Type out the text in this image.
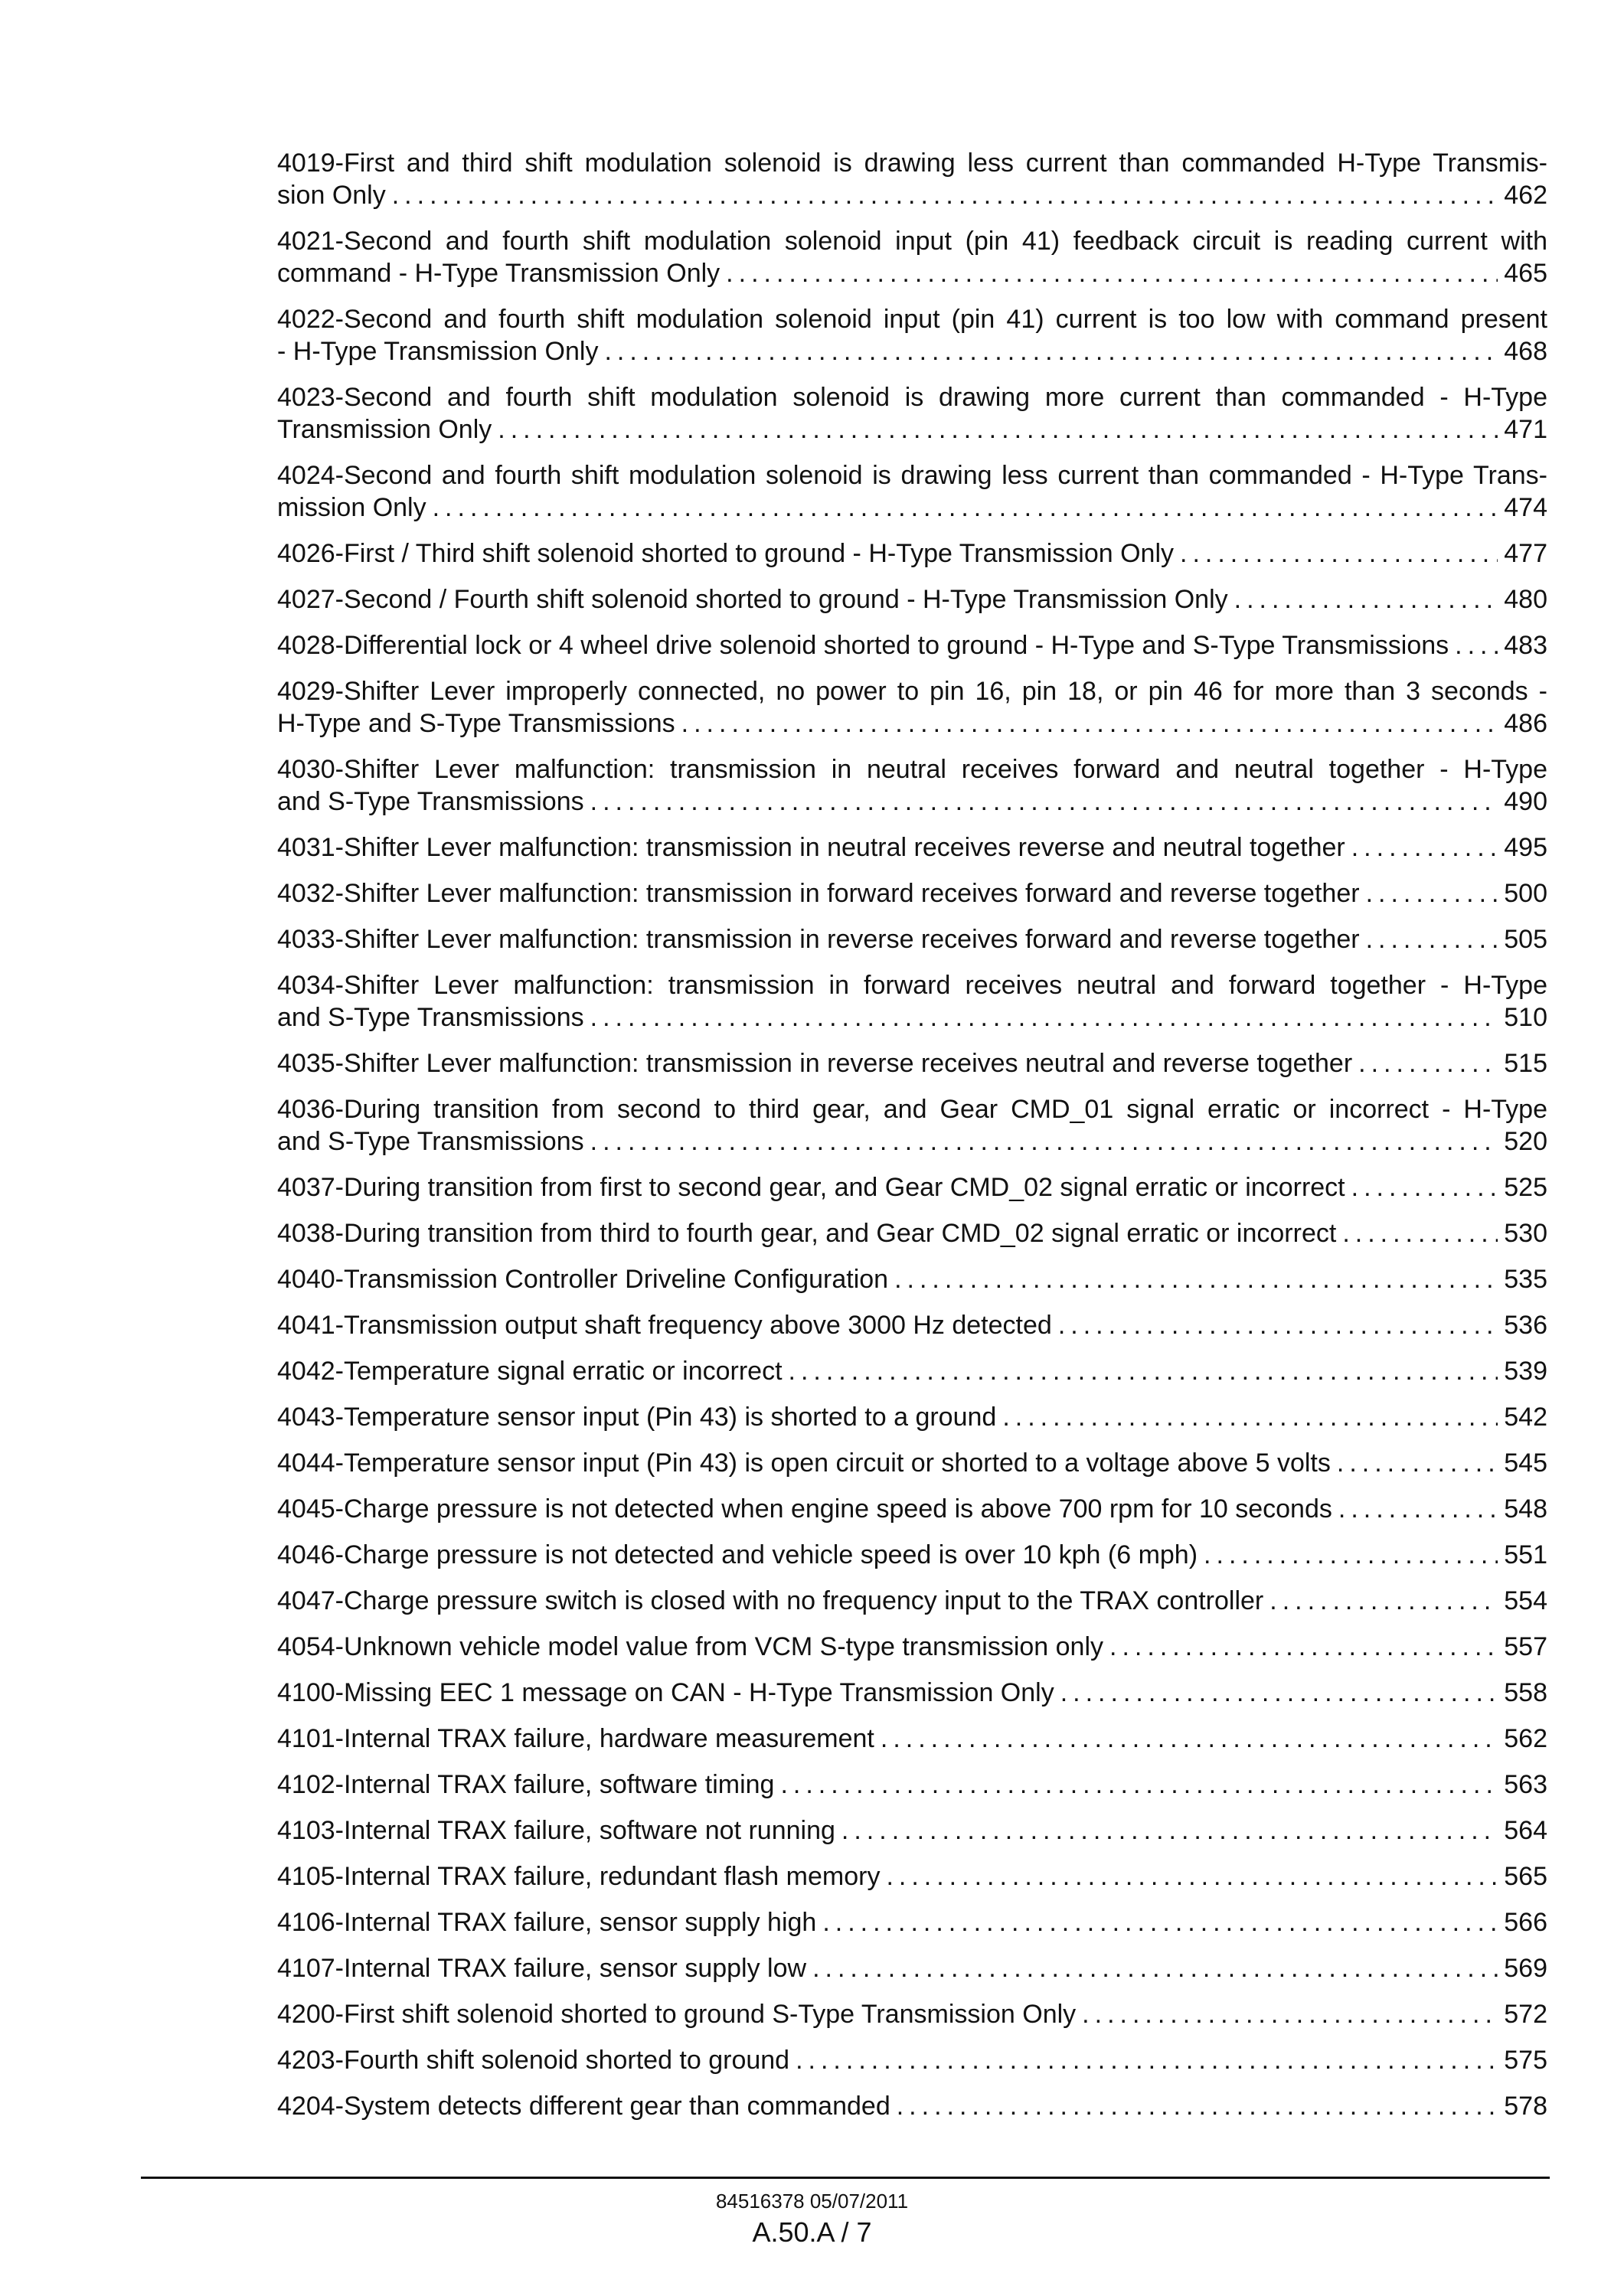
4019-First and third shift modulation solenoid is drawing less current than commanded H-Type Transmis-
sion Only .....	462
4021-Second and fourth shift modulation solenoid input (pin 41) feedback circuit is reading current with
command - H-Type Transmission Only .....	465
4022-Second and fourth shift modulation solenoid input (pin 41) current is too low with command present
- H-Type Transmission Only .....	468
4023-Second and fourth shift modulation solenoid is drawing more current than commanded - H-Type
Transmission Only .....	471
4024-Second and fourth shift modulation solenoid is drawing less current than commanded - H-Type Trans-
mission Only .....	474
4026-First / Third shift solenoid shorted to ground - H-Type Transmission Only .....	477
4027-Second / Fourth shift solenoid shorted to ground - H-Type Transmission Only .....	480
4028-Differential lock or 4 wheel drive solenoid shorted to ground - H-Type and S-Type Transmissions ..... 483
4029-Shifter Lever improperly connected, no power to pin 16, pin 18, or pin 46 for more than 3 seconds -
H-Type and S-Type Transmissions .....	486
4030-Shifter Lever malfunction: transmission in neutral receives forward and neutral together - H-Type
and S-Type Transmissions .....	490
4031-Shifter Lever malfunction: transmission in neutral receives reverse and neutral together .....	495
4032-Shifter Lever malfunction: transmission in forward receives forward and reverse together .....	500
4033-Shifter Lever malfunction: transmission in reverse receives forward and reverse together .....	505
4034-Shifter Lever malfunction: transmission in forward receives neutral and forward together - H-Type
and S-Type Transmissions .....	510
4035-Shifter Lever malfunction: transmission in reverse receives neutral and reverse together .....	515
4036-During transition from second to third gear, and Gear CMD_01 signal erratic or incorrect - H-Type
and S-Type Transmissions .....	520
4037-During transition from first to second gear, and Gear CMD_02 signal erratic or incorrect .....	525
4038-During transition from third to fourth gear, and Gear CMD_02 signal erratic or incorrect .....	530
4040-Transmission Controller Driveline Configuration .....	535
4041-Transmission output shaft frequency above 3000 Hz detected .....	536
4042-Temperature signal erratic or incorrect .....	539
4043-Temperature sensor input (Pin 43) is shorted to a ground .....	542
4044-Temperature sensor input (Pin 43) is open circuit or shorted to a voltage above 5 volts .....	545
4045-Charge pressure is not detected when engine speed is above 700 rpm for 10 seconds .....	548
4046-Charge pressure is not detected and vehicle speed is over 10 kph (6 mph) .....	551
4047-Charge pressure switch is closed with no frequency input to the TRAX controller .....	554
4054-Unknown vehicle model value from VCM S-type transmission only .....	557
4100-Missing EEC 1 message on CAN - H-Type Transmission Only .....	558
4101-Internal TRAX failure, hardware measurement .....	562
4102-Internal TRAX failure, software timing .....	563
4103-Internal TRAX failure, software not running .....	564
4105-Internal TRAX failure, redundant flash memory .....	565
4106-Internal TRAX failure, sensor supply high .....	566
4107-Internal TRAX failure, sensor supply low .....	569
4200-First shift solenoid shorted to ground S-Type Transmission Only .....	572
4203-Fourth shift solenoid shorted to ground .....	575
4204-System detects different gear than commanded .....	578
84516378 05/07/2011
A.50.A / 7
